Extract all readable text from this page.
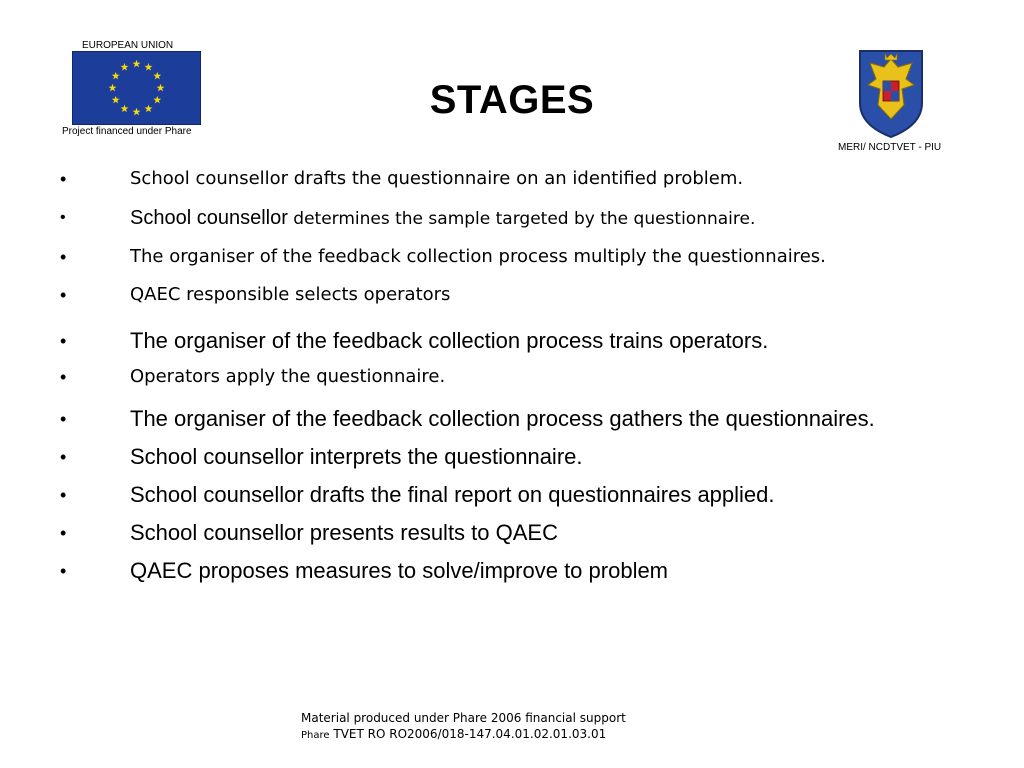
EUROPEAN UNION
Project financed under Phare
STAGES
MERI/ NCDTVET - PIU
•	School counsellor drafts the questionnaire on an identified problem.
•	School counsellor determines the sample targeted by the questionnaire.
•	The organiser of the feedback collection process multiply the questionnaires.
•	QAEC responsible selects operators
•	The organiser of the feedback collection process trains operators.
•	Operators apply the questionnaire.
•	The organiser of the feedback collection process gathers the questionnaires.
•	School counsellor interprets the questionnaire.
•	School counsellor drafts the final report on questionnaires applied.
•	School counsellor presents results to QAEC
•	QAEC proposes measures to solve/improve to problem
Material produced under Phare 2006 financial support
Phare TVET RO RO2006/018-147.04.01.02.01.03.01
